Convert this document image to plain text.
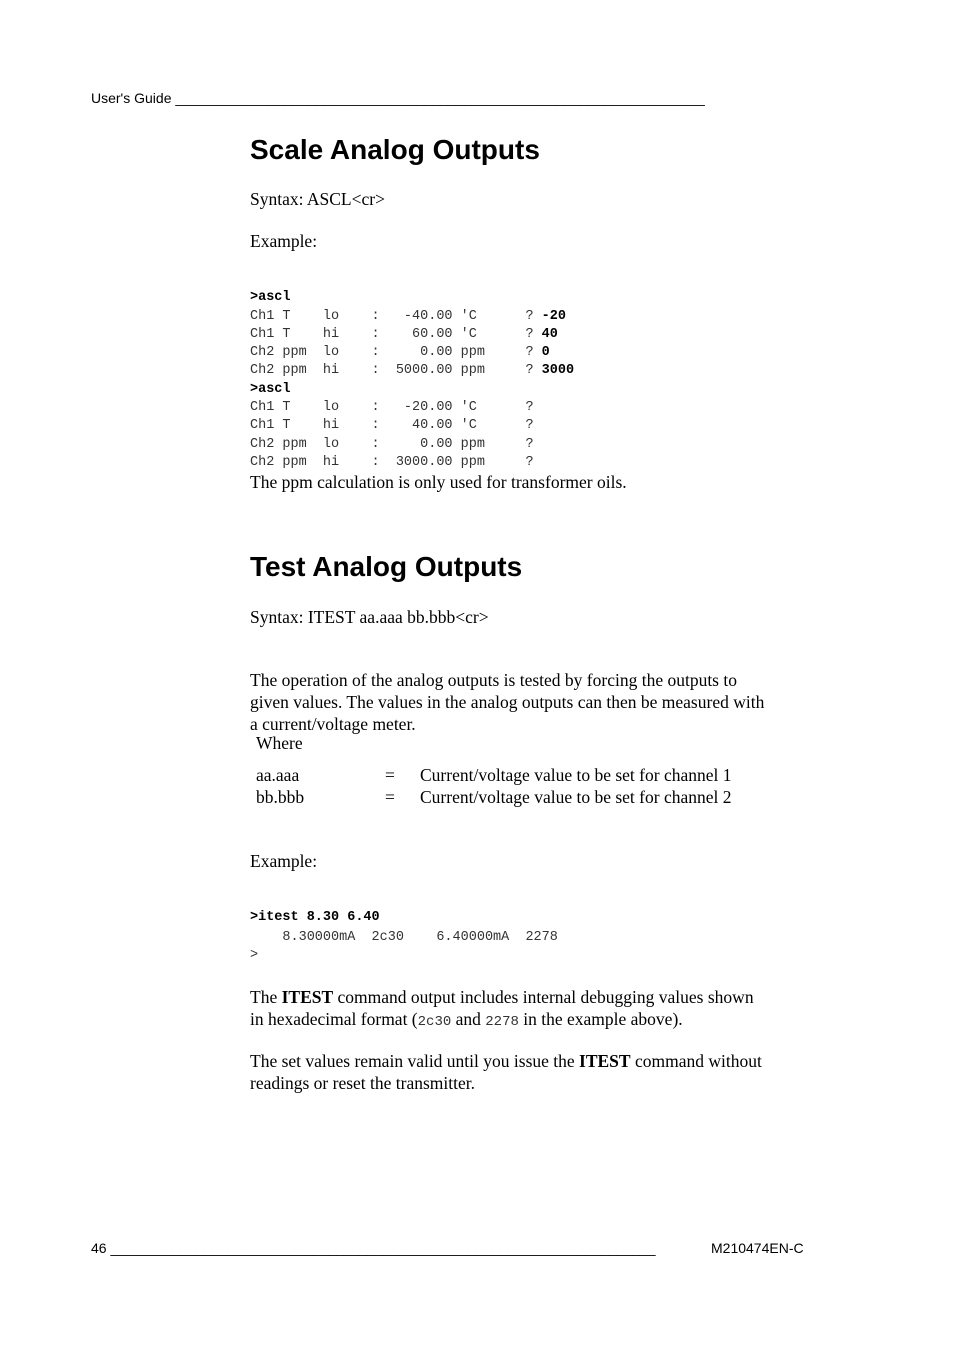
User's Guide ____________________________________________________________________
Scale Analog Outputs
Syntax: ASCL<cr>
Example:

>ascl
Ch1 T    lo    :   -40.00 'C      ? -20
Ch1 T    hi    :    60.00 'C      ? 40
Ch2 ppm  lo    :     0.00 ppm     ? 0
Ch2 ppm  hi    :  5000.00 ppm     ? 3000
>ascl
Ch1 T    lo    :   -20.00 'C      ?
Ch1 T    hi    :    40.00 'C      ?
Ch2 ppm  lo    :     0.00 ppm     ?
Ch2 ppm  hi    :  3000.00 ppm     ?

The ppm calculation is only used for transformer oils.
Test Analog Outputs
Syntax: ITEST aa.aaa bb.bbb<cr>

The operation of the analog outputs is tested by forcing the outputs to
given values. The values in the analog outputs can then be measured with
a current/voltage meter.

Where
aa.aaa	= Current/voltage value to be set for channel 1
bb.bbb	= Current/voltage value to be set for channel 2
Example:

>itest 8.30 6.40
8.30000mA  2c30    6.40000mA  2278
>

The ITEST command output includes internal debugging values shown
in hexadecimal format (2c30 and 2278 in the example above).

The set values remain valid until you issue the ITEST command without
readings or reset the transmitter.

46 ______________________________________________________________________	M210474EN-C
